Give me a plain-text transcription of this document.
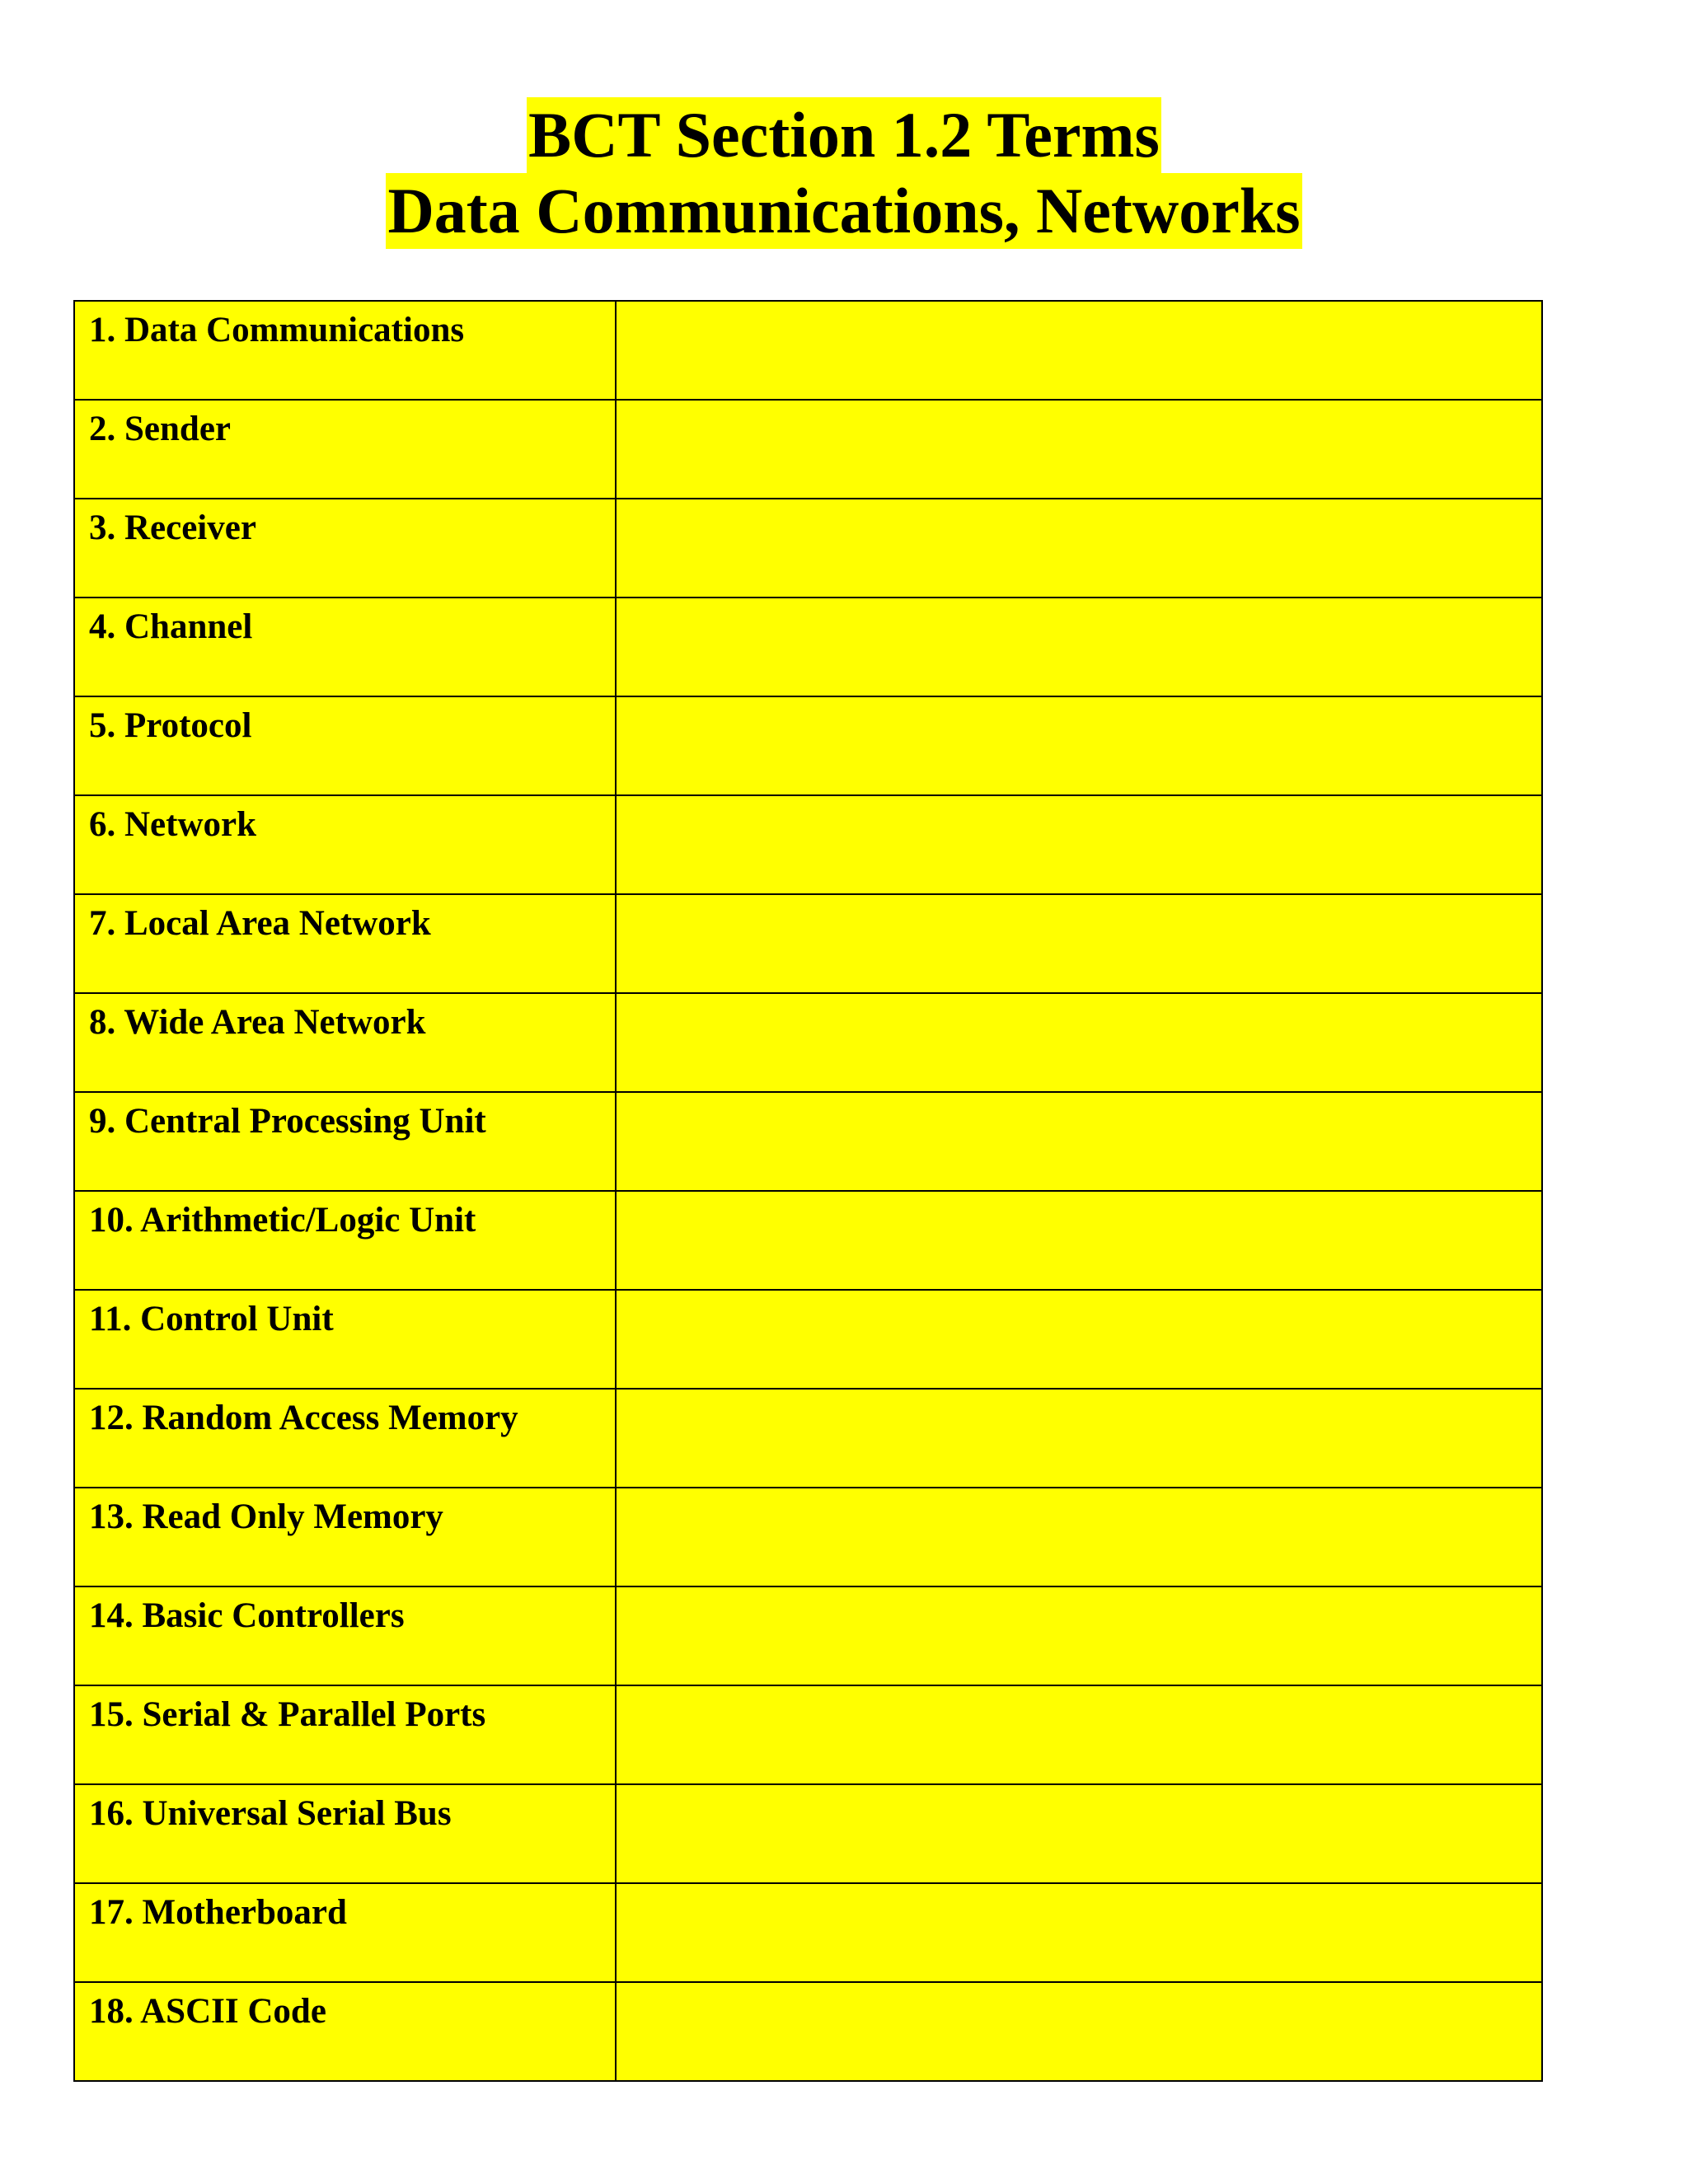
BCT Section 1.2 Terms
Data Communications, Networks
1. Data Communications	

2. Sender	

3. Receiver	

4. Channel	

5. Protocol	

6. Network	

7. Local Area Network	

8. Wide Area Network	

9. Central Processing Unit	

10. Arithmetic/Logic Unit	

11. Control Unit	

12. Random Access Memory	

13. Read Only Memory	

14. Basic Controllers	

15. Serial & Parallel Ports	

16. Universal Serial Bus	

17. Motherboard	

18. ASCII Code	
